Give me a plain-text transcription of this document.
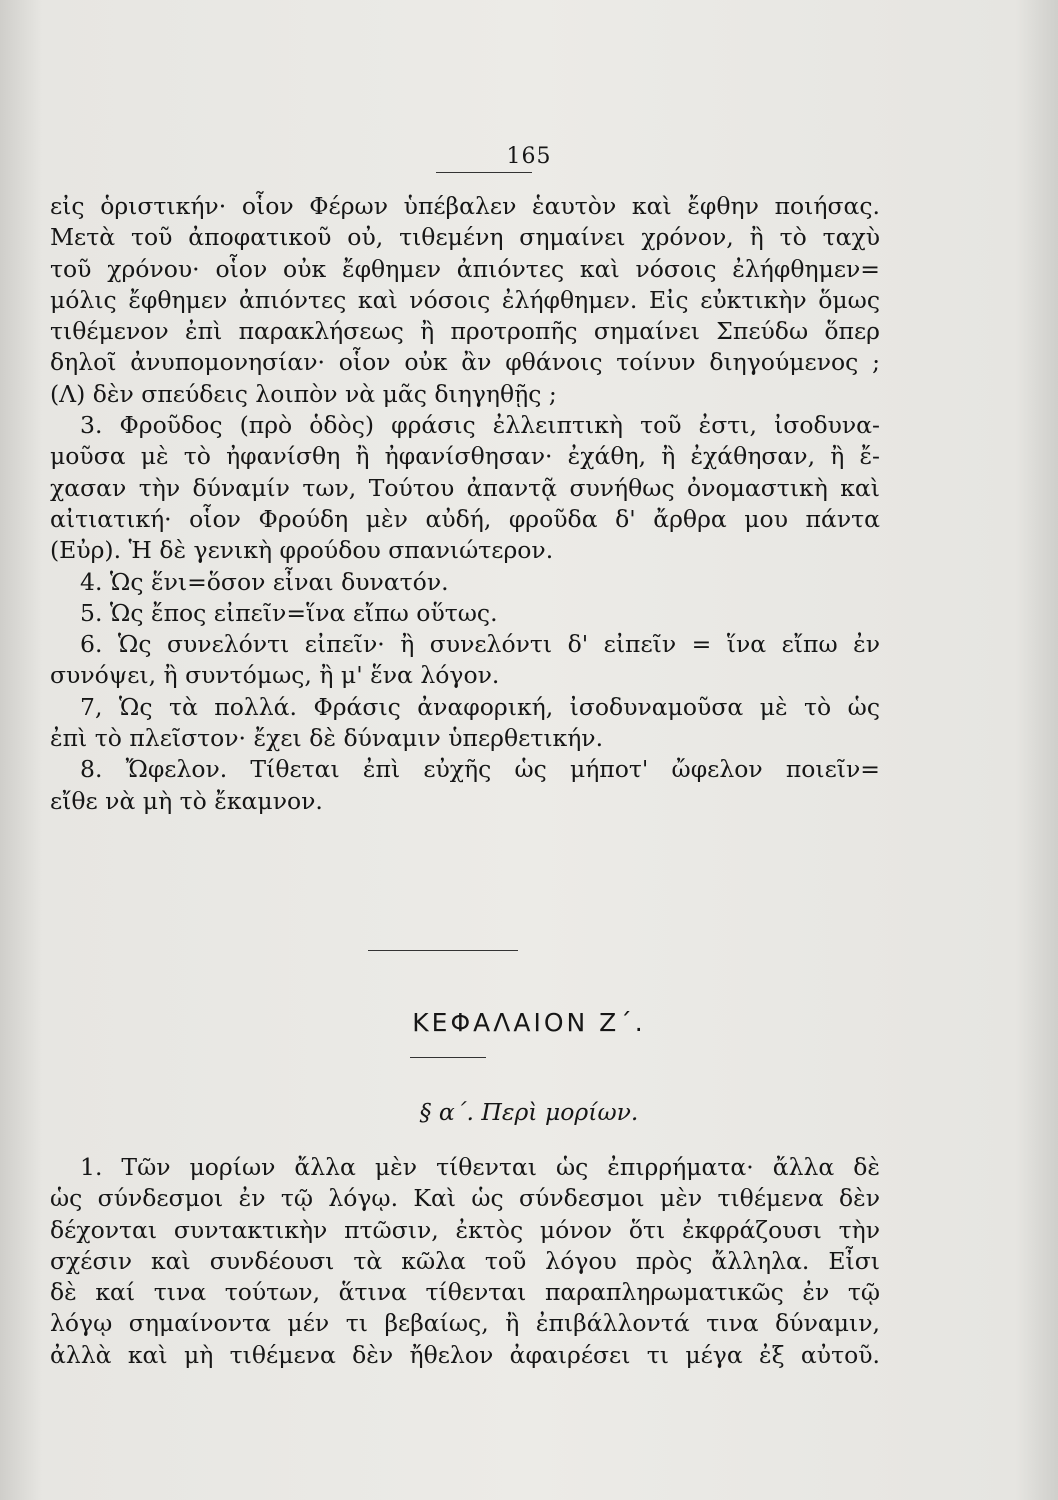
165
εἰς ὁριστικήν· οἷον Φέρων ὑπέβαλεν ἑαυτὸν καὶ ἔφθην ποιήσας.
Μετὰ τοῦ ἀποφατικοῦ οὐ, τιθεμένη σημαίνει χρόνον, ἢ τὸ ταχὺ
τοῦ χρόνου· οἷον οὐκ ἔφθημεν ἀπιόντες καὶ νόσοις ἐλήφθημεν=
μόλις ἔφθημεν ἀπιόντες καὶ νόσοις ἐλήφθημεν. Εἰς εὐκτικὴν ὅμως
τιθέμενον ἐπὶ παρακλήσεως ἢ προτροπῆς σημαίνει Σπεύδω ὅπερ
δηλοῖ ἀνυπομονησίαν· οἷον οὐκ ἂν φθάνοις τοίνυν διηγούμενος ;
(Λ) δὲν σπεύδεις λοιπὸν νὰ μᾶς διηγηθῇς ;
3. Φροῦδος (πρὸ ὁδὸς) φράσις ἐλλειπτικὴ τοῦ ἐστι, ἰσοδυνα-
μοῦσα μὲ τὸ ἠφανίσθη ἢ ἠφανίσθησαν· ἐχάθη, ἢ ἐχάθησαν, ἢ ἔ-
χασαν τὴν δύναμίν των, Τούτου ἀπαντᾷ συνήθως ὀνομαστικὴ καὶ
αἰτιατική· οἷον Φρούδη μὲν αὐδή, φροῦδα δ' ἄρθρα μου πάντα
(Εὐρ). Ἡ δὲ γενικὴ φρούδου σπανιώτερον.
4. Ὡς ἕνι=ὅσον εἶναι δυνατόν.
5. Ὡς ἔπος εἰπεῖν=ἵνα εἴπω οὕτως.
6. Ὡς συνελόντι εἰπεῖν· ἢ συνελόντι δ' εἰπεῖν = ἵνα εἴπω ἐν
συνόψει, ἢ συντόμως, ἢ μ' ἕνα λόγον.
7, Ὡς τὰ πολλά. Φράσις ἀναφορική, ἰσοδυναμοῦσα μὲ τὸ ὡς
ἐπὶ τὸ πλεῖστον· ἔχει δὲ δύναμιν ὑπερθετικήν.
8. Ὤφελον. Τίθεται ἐπὶ εὐχῆς ὡς μήποτ' ὤφελον ποιεῖν=
εἴθε νὰ μὴ τὸ ἔκαμνον.
ΚΕΦΑΛΑΙΟΝ Ζ΄.
§ α΄. Περὶ μορίων.
1. Τῶν μορίων ἄλλα μὲν τίθενται ὡς ἐπιρρήματα· ἄλλα δὲ
ὡς σύνδεσμοι ἐν τῷ λόγῳ. Καὶ ὡς σύνδεσμοι μὲν τιθέμενα δὲν
δέχονται συντακτικὴν πτῶσιν, ἐκτὸς μόνον ὅτι ἐκφράζουσι τὴν
σχέσιν καὶ συνδέουσι τὰ κῶλα τοῦ λόγου πρὸς ἄλληλα. Εἶσι
δὲ καί τινα τούτων, ἅτινα τίθενται παραπληρωματικῶς ἐν τῷ
λόγῳ σημαίνοντα μέν τι βεβαίως, ἢ ἐπιβάλλοντά τινα δύναμιν,
ἀλλὰ καὶ μὴ τιθέμενα δὲν ἤθελον ἀφαιρέσει τι μέγα ἐξ αὐτοῦ.
